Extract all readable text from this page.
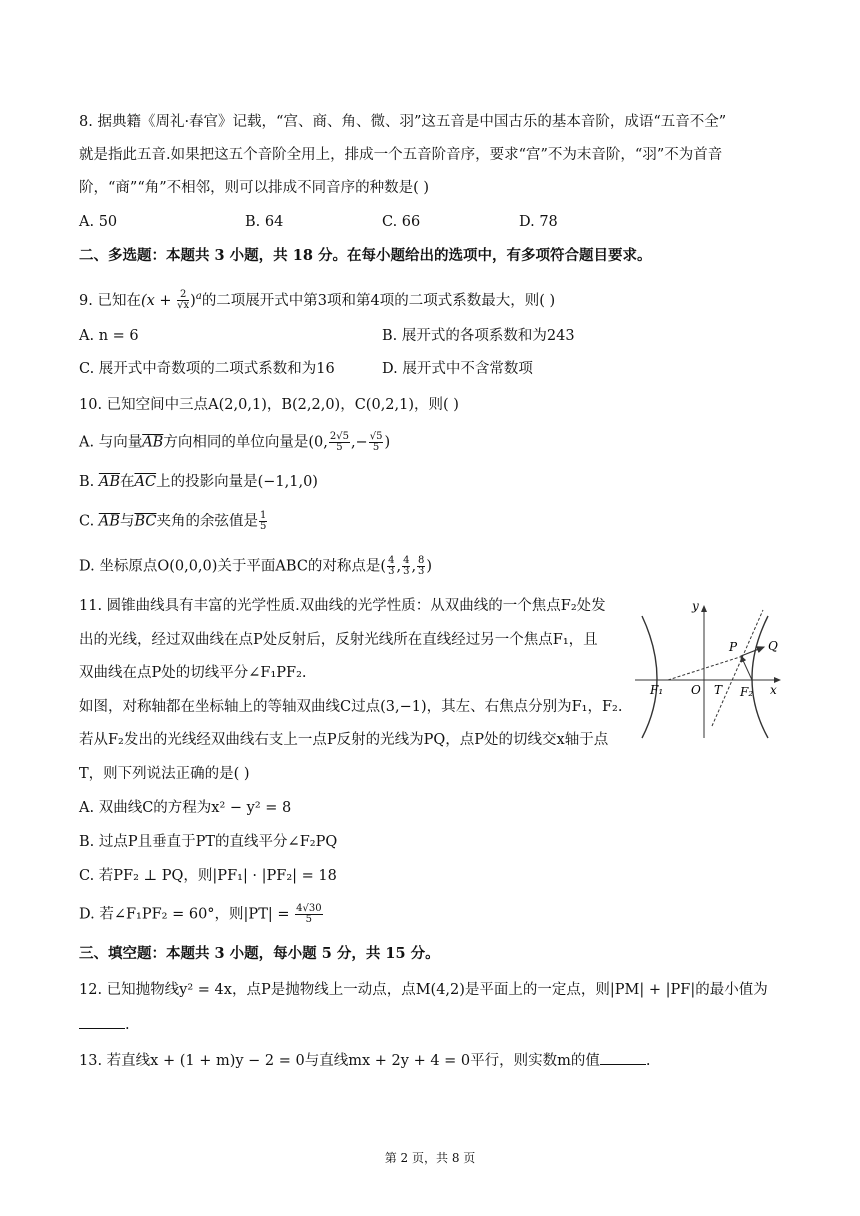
8. 据典籍《周礼·春官》记载，“宫、商、角、微、羽”这五音是中国古乐的基本音阶，成语“五音不全”
就是指此五音.如果把这五个音阶全用上，排成一个五音阶音序，要求“宫”不为末音阶，“羽”不为首音
阶，“商”“角”不相邻，则可以排成不同音序的种数是( )
A. 50	B. 64	C. 66	D. 78
二、多选题：本题共 3 小题，共 18 分。在每小题给出的选项中，有多项符合题目要求。
9. 已知在$(x + \frac{2}{√x} )^a$的二项展开式中第3项和第4项的二项式系数最大，则( )
A. n = 6	B. 展开式的各项系数和为243
C. 展开式中奇数项的二项式系数和为16	D. 展开式中不含常数项
10. 已知空间中三点A(2,0,1)，B(2,2,0)，C(0,2,1)，则( )
A. 与向量$\overline{AB}$方向相同的单位向量是(0, $\frac{2√5}{5}$ ,− $\frac{√5}{5}$ )
B. $\overline{AB}$在$\overline{AC}$上的投影向量是(−1,1,0)
C. $\overline{AB}$与$\overline{BC}$夹角的余弦值是 $\frac{1}{5}$
D. 坐标原点O(0,0,0)关于平面ABC的对称点是( $\frac{4}{3}$ , $\frac{4}{3}$ , $\frac{8}{3}$ )
11. 圆锥曲线具有丰富的光学性质.双曲线的光学性质：从双曲线的一个焦点F₂处发
出的光线，经过双曲线在点P处反射后，反射光线所在直线经过另一个焦点F₁，且
双曲线在点P处的切线平分∠F₁PF₂.
如图，对称轴都在坐标轴上的等轴双曲线C过点(3,−1)，其左、右焦点分别为F₁，F₂.
若从F₂发出的光线经双曲线右支上一点P反射的光线为PQ，点P处的切线交x轴于点
T，则下列说法正确的是( )
A. 双曲线C的方程为x² − y² = 8
B. 过点P且垂直于PT的直线平分∠F₂PQ
C. 若PF₂ ⊥ PQ，则|PF₁| · |PF₂| = 18
D. 若∠F₁PF₂ = 60°，则$|PT| = \frac{4√30}{5}$
y
x
P	Q
F₁ O T F₂
三、填空题：本题共 3 小题，每小题 5 分，共 15 分。
12. 已知抛物线y² = 4x，点P是抛物线上一动点，点M(4,2)是平面上的一定点，则|PM| + |PF|的最小值为
.
13. 若直线x + (1 + m)y − 2 = 0与直线mx + 2y + 4 = 0平行，则实数m的值	.
第 2 页，共 8 页
